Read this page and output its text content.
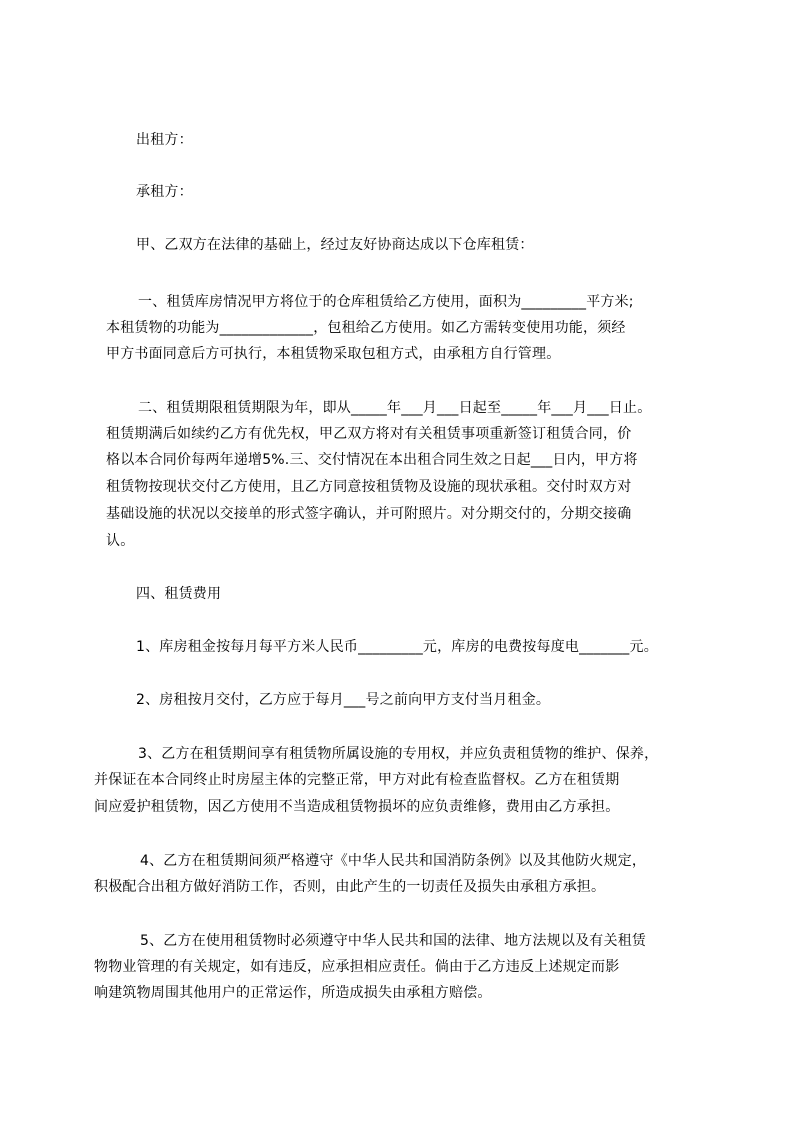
出租方：
承租方：
甲、乙双方在法律的基础上，经过友好协商达成以下仓库租赁：
一、租赁库房情况甲方将位于的仓库租赁给乙方使用，面积为_________平方米;
本租赁物的功能为_____________，包租给乙方使用。如乙方需转变使用功能，须经
甲方书面同意后方可执行，本租赁物采取包租方式，由承租方自行管理。
二、租赁期限租赁期限为年，即从_____年___月___日起至_____年___月___日止。
租赁期满后如续约乙方有优先权，甲乙双方将对有关租赁事项重新签订租赁合同，价
格以本合同价每两年递增5%.三、交付情况在本出租合同生效之日起___日内，甲方将
租赁物按现状交付乙方使用，且乙方同意按租赁物及设施的现状承租。交付时双方对
基础设施的状况以交接单的形式签字确认，并可附照片。对分期交付的，分期交接确
认。
四、租赁费用
1、库房租金按每月每平方米人民币_________元，库房的电费按每度电_______元。
2、房租按月交付，乙方应于每月___号之前向甲方支付当月租金。
3、乙方在租赁期间享有租赁物所属设施的专用权，并应负责租赁物的维护、保养，
并保证在本合同终止时房屋主体的完整正常，甲方对此有检查监督权。乙方在租赁期
间应爱护租赁物，因乙方使用不当造成租赁物损坏的应负责维修，费用由乙方承担。
4、乙方在租赁期间须严格遵守《中华人民共和国消防条例》以及其他防火规定，
积极配合出租方做好消防工作，否则，由此产生的一切责任及损失由承租方承担。
5、乙方在使用租赁物时必须遵守中华人民共和国的法律、地方法规以及有关租赁
物物业管理的有关规定，如有违反，应承担相应责任。倘由于乙方违反上述规定而影
响建筑物周围其他用户的正常运作，所造成损失由承租方赔偿。
